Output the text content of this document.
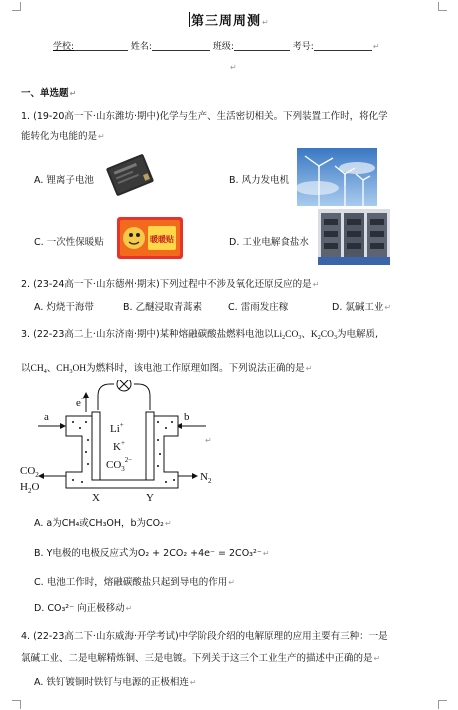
第三周周测↵
学校:	姓名:	班级:	考号:	↵
↵
一、单选题↵
1. (19-20高一下·山东潍坊·期中)化学与生产、生活密切相关。下列装置工作时，将化学
能转化为电能的是↵
A. 锂离子电池	B. 风力发电机
C. 一次性保暖贴	暖暖贴	D. 工业电解食盐水
2. (23-24高一下·山东德州·期末)下列过程中不涉及氧化还原反应的是↵
A. 灼烧干海带	B. 乙醚浸取青蒿素	C. 雷雨发庄稼	D. 氯碱工业↵
3. (22-23高二上·山东济南·期中)某种熔融碳酸盐燃料电池以$Li_2CO_3$、$K_2CO_3$为电解质,
以$CH_4$、$CH_3OH$为燃料时，该电池工作原理如图。下列说法正确的是↵
e−
a	b
Li+
K+
$CO_3^{2-}$
$CO_2$
$H_2O$
$N_2$
X	Y
↵
A. a为CH₄或CH₃OH，b为CO₂↵
B. Y电极的电极反应式为O₂ + 2CO₂ +4e⁻ = 2CO₃²⁻↵
C. 电池工作时，熔融碳酸盐只起到导电的作用↵
D. CO₃²⁻ 向正极移动↵
4. (22-23高二下·山东威海·开学考试)中学阶段介绍的电解原理的应用主要有三种：一是
氯碱工业、二是电解精炼铜、三是电镀。下列关于这三个工业生产的描述中正确的是↵
A. 铁钉镀铜时铁钉与电源的正极相连↵
